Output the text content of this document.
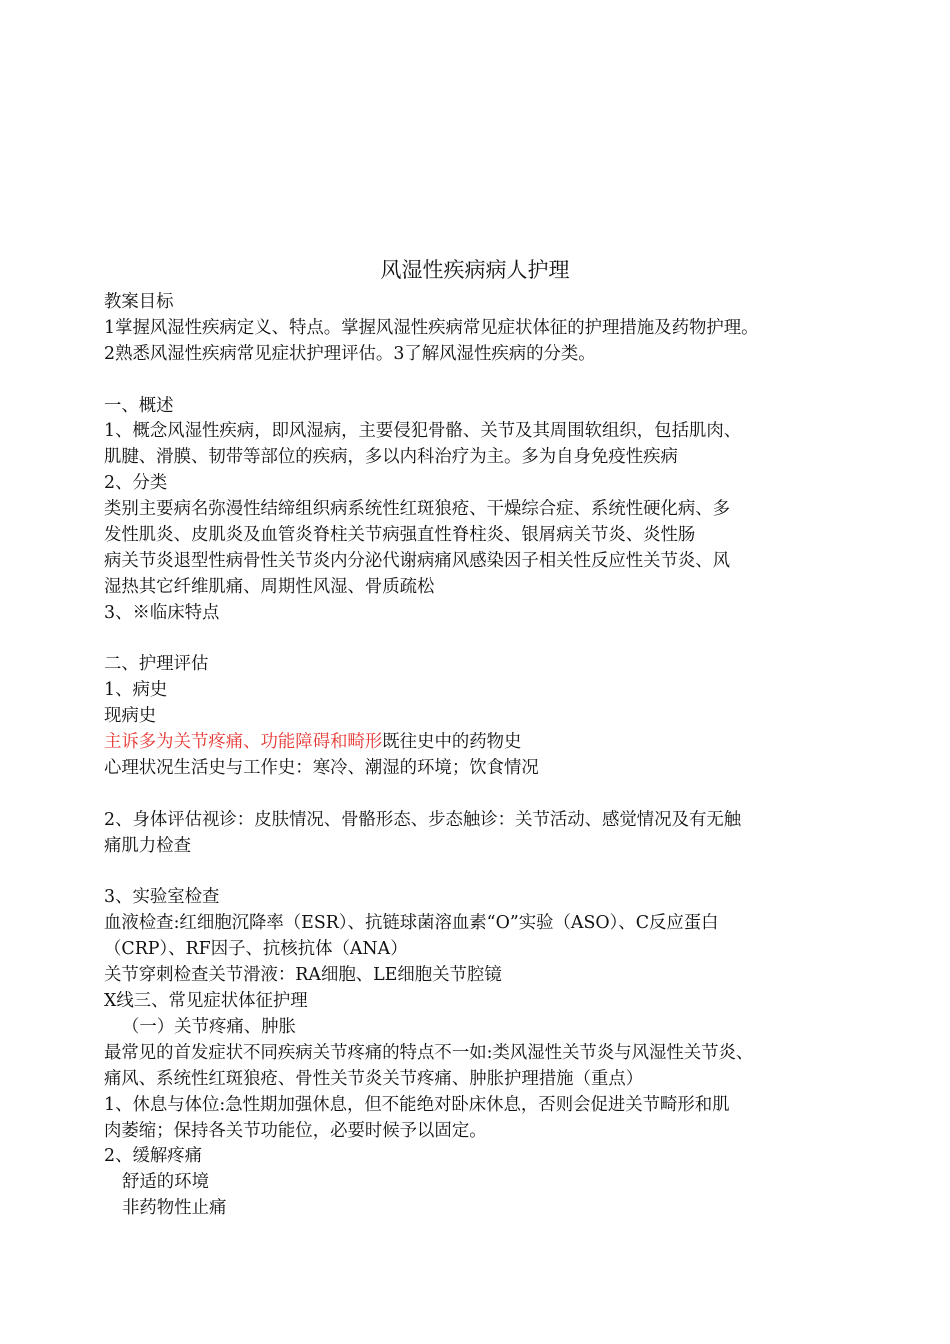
风湿性疾病病人护理
教案目标
1掌握风湿性疾病定义、特点。掌握风湿性疾病常见症状体征的护理措施及药物护理。
2熟悉风湿性疾病常见症状护理评估。3了解风湿性疾病的分类。
一、概述
1、概念风湿性疾病，即风湿病，主要侵犯骨骼、关节及其周围软组织，包括肌肉、
肌腱、滑膜、韧带等部位的疾病，多以内科治疗为主。多为自身免疫性疾病
2、分类
类别主要病名弥漫性结缔组织病系统性红斑狼疮、干燥综合症、系统性硬化病、多
发性肌炎、皮肌炎及血管炎脊柱关节病强直性脊柱炎、银屑病关节炎、炎性肠
病关节炎退型性病骨性关节炎内分泌代谢病痛风感染因子相关性反应性关节炎、风
湿热其它纤维肌痛、周期性风湿、骨质疏松
3、※临床特点
二、护理评估
1、病史
现病史
主诉多为关节疼痛、功能障碍和畸形既往史中的药物史
心理状况生活史与工作史：寒冷、潮湿的环境；饮食情况
2、身体评估视诊：皮肤情况、骨骼形态、步态触诊：关节活动、感觉情况及有无触
痛肌力检查
3、实验室检查
血液检查:红细胞沉降率（ESR）、抗链球菌溶血素“O”实验（ASO）、C反应蛋白
（CRP）、RF因子、抗核抗体（ANA）
关节穿刺检查关节滑液：RA细胞、LE细胞关节腔镜
X线三、常见症状体征护理
（一）关节疼痛、肿胀
最常见的首发症状不同疾病关节疼痛的特点不一如:类风湿性关节炎与风湿性关节炎、
痛风、系统性红斑狼疮、骨性关节炎关节疼痛、肿胀护理措施（重点）
1、休息与体位:急性期加强休息，但不能绝对卧床休息，否则会促进关节畸形和肌
肉萎缩；保持各关节功能位，必要时候予以固定。
2、缓解疼痛
舒适的环境
非药物性止痛
